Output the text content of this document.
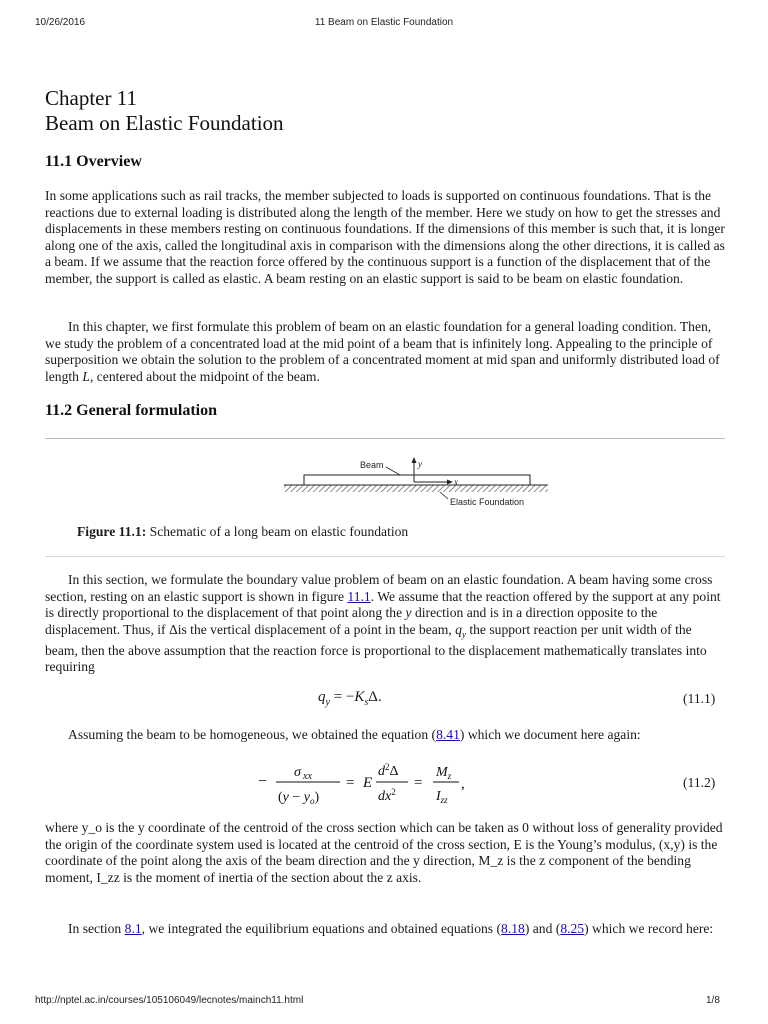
10/26/2016	11 Beam on Elastic Foundation
Chapter 11
Beam on Elastic Foundation
11.1 Overview
In some applications such as rail tracks, the member subjected to loads is supported on continuous foundations. That is the reactions due to external loading is distributed along the length of the member. Here we study on how to get the stresses and displacements in these members resting on continuous foundations. If the dimensions of this member is such that, it is longer along one of the axis, called the longitudinal axis in comparison with the dimensions along the other directions, it is called as a beam. If we assume that the reaction force offered by the continuous support is a function of the displacement that of the member, the support is called as elastic. A beam resting on an elastic support is said to be beam on elastic foundation.
In this chapter, we first formulate this problem of beam on an elastic foundation for a general loading condition. Then, we study the problem of a concentrated load at the mid point of a beam that is infinitely long. Appealing to the principle of superposition we obtain the solution to the problem of a concentrated moment at mid span and uniformly distributed load of length L, centered about the midpoint of the beam.
11.2 General formulation
Beam	y
x
Elastic Foundation
Figure 11.1: Schematic of a long beam on elastic foundation
In this section, we formulate the boundary value problem of beam on an elastic foundation. A beam having some cross section, resting on an elastic support is shown in figure 11.1. We assume that the reaction offered by the support at any point is directly proportional to the displacement of that point along the y direction and is in a direction opposite to the displacement. Thus, if Δis the vertical displacement of a point in the beam, $q_y$ the support reaction per unit width of the beam, then the above assumption that the reaction force is proportional to the displacement mathematically translates into requiring
$q_y = -K_s\Delta$.	(11.1)
Assuming the beam to be homogeneous, we obtained the equation (8.41) which we document here again:
−
σ xx
$(y - y_o)$
= E
$d^2\Delta$
$dx^2$
=
$M_z$
$I_{zz}$
,	(11.2)
where y_o is the y coordinate of the centroid of the cross section which can be taken as 0 without loss of generality provided the origin of the coordinate system used is located at the centroid of the cross section, E is the Young’s modulus, (x,y) is the coordinate of the point along the axis of the beam direction and the y direction, M_z is the z component of the bending moment, I_zz is the moment of inertia of the section about the z axis.
In section 8.1, we integrated the equilibrium equations and obtained equations (8.18) and (8.25) which we record here:
http://nptel.ac.in/courses/105106049/lecnotes/mainch11.html	1/8
